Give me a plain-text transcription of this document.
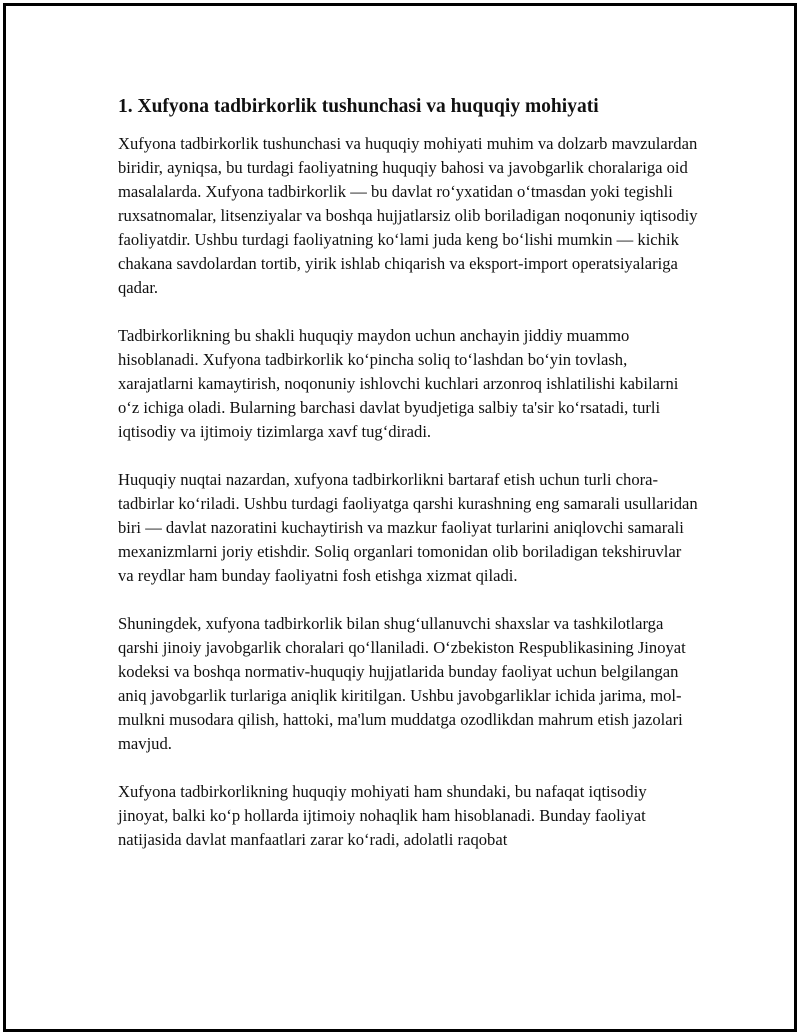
1. Xufyona tadbirkorlik tushunchasi va huquqiy mohiyati

Xufyona tadbirkorlik tushunchasi va huquqiy mohiyati muhim va dolzarb mavzulardan biridir, ayniqsa, bu turdagi faoliyatning huquqiy bahosi va javobgarlik choralariga oid masalalarda. Xufyona tadbirkorlik — bu davlat ro‘yxatidan o‘tmasdan yoki tegishli ruxsatnomalar, litsenziyalar va boshqa hujjatlarsiz olib boriladigan noqonuniy iqtisodiy faoliyatdir. Ushbu turdagi faoliyatning ko‘lami juda keng bo‘lishi mumkin — kichik chakana savdolardan tortib, yirik ishlab chiqarish va eksport-import operatsiyalariga qadar.

Tadbirkorlikning bu shakli huquqiy maydon uchun anchayin jiddiy muammo hisoblanadi. Xufyona tadbirkorlik ko‘pincha soliq to‘lashdan bo‘yin tovlash, xarajatlarni kamaytirish, noqonuniy ishlovchi kuchlari arzonroq ishlatilishi kabilarni o‘z ichiga oladi. Bularning barchasi davlat byudjetiga salbiy ta'sir ko‘rsatadi, turli iqtisodiy va ijtimoiy tizimlarga xavf tug‘diradi.

Huquqiy nuqtai nazardan, xufyona tadbirkorlikni bartaraf etish uchun turli chora-tadbirlar ko‘riladi. Ushbu turdagi faoliyatga qarshi kurashning eng samarali usullaridan biri — davlat nazoratini kuchaytirish va mazkur faoliyat turlarini aniqlovchi samarali mexanizmlarni joriy etishdir. Soliq organlari tomonidan olib boriladigan tekshiruvlar va reydlar ham bunday faoliyatni fosh etishga xizmat qiladi.

Shuningdek, xufyona tadbirkorlik bilan shug‘ullanuvchi shaxslar va tashkilotlarga qarshi jinoiy javobgarlik choralari qo‘llaniladi. O‘zbekiston Respublikasining Jinoyat kodeksi va boshqa normativ-huquqiy hujjatlarida bunday faoliyat uchun belgilangan aniq javobgarlik turlariga aniqlik kiritilgan. Ushbu javobgarliklar ichida jarima, mol-mulkni musodara qilish, hattoki, ma'lum muddatga ozodlikdan mahrum etish jazolari mavjud.

Xufyona tadbirkorlikning huquqiy mohiyati ham shundaki, bu nafaqat iqtisodiy jinoyat, balki ko‘p hollarda ijtimoiy nohaqlik ham hisoblanadi. Bunday faoliyat natijasida davlat manfaatlari zarar ko‘radi, adolatli raqobat
